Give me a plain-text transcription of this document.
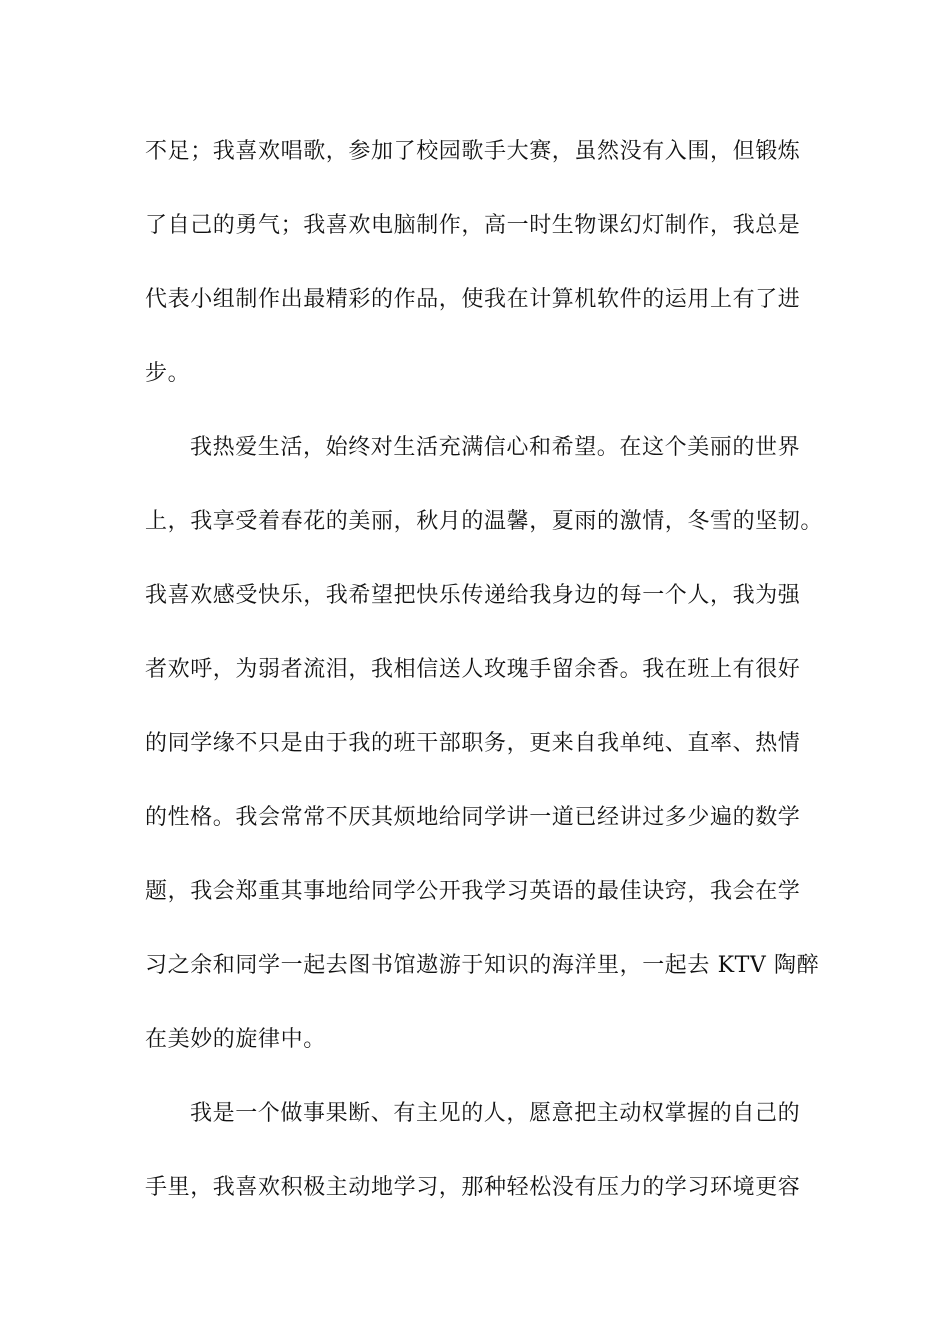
不足；我喜欢唱歌，参加了校园歌手大赛，虽然没有入围，但锻炼
了自己的勇气；我喜欢电脑制作，高一时生物课幻灯制作，我总是
代表小组制作出最精彩的作品，使我在计算机软件的运用上有了进
步。
我热爱生活，始终对生活充满信心和希望。在这个美丽的世界
上，我享受着春花的美丽，秋月的温馨，夏雨的激情，冬雪的坚韧。
我喜欢感受快乐，我希望把快乐传递给我身边的每一个人，我为强
者欢呼，为弱者流泪，我相信送人玫瑰手留余香。我在班上有很好
的同学缘不只是由于我的班干部职务，更来自我单纯、直率、热情
的性格。我会常常不厌其烦地给同学讲一道已经讲过多少遍的数学
题，我会郑重其事地给同学公开我学习英语的最佳诀窍，我会在学
习之余和同学一起去图书馆遨游于知识的海洋里，一起去 KTV 陶醉
在美妙的旋律中。
我是一个做事果断、有主见的人，愿意把主动权掌握的自己的
手里，我喜欢积极主动地学习，那种轻松没有压力的学习环境更容
